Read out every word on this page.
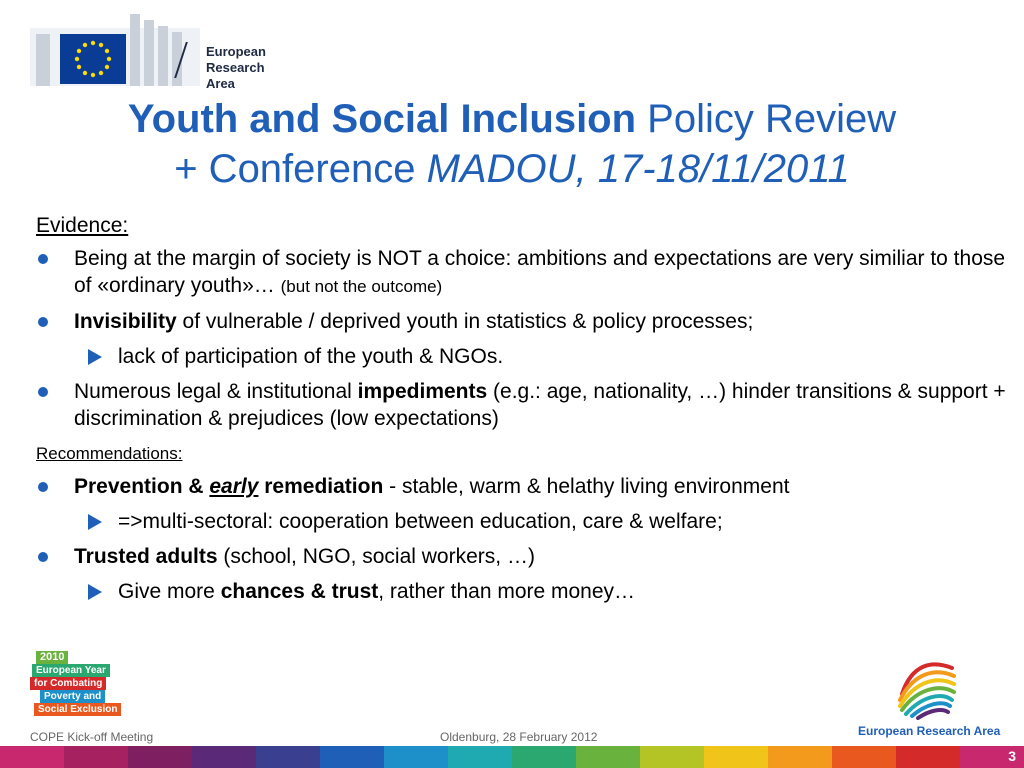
European
Research Area
Youth and Social Inclusion Policy Review
+ Conference MADOU, 17-18/11/2011
Evidence:
Being at the margin of society is NOT a choice: ambitions and expectations are very similiar to those of «ordinary youth»… (but not the outcome)
Invisibility of vulnerable / deprived youth in statistics & policy processes;
lack of participation of the youth & NGOs.
Numerous legal & institutional impediments (e.g.: age, nationality, …) hinder transitions & support + discrimination & prejudices (low expectations)
Recommendations:
Prevention & early remediation - stable, warm & helathy living environment
=>multi-sectoral: cooperation between education, care & welfare;
Trusted adults (school, NGO, social workers, …)
Give more chances & trust, rather than more money…
2010
European Year
for Combating
Poverty and
Social Exclusion
European Research Area
COPE Kick-off Meeting	Oldenburg, 28 February 2012
3
